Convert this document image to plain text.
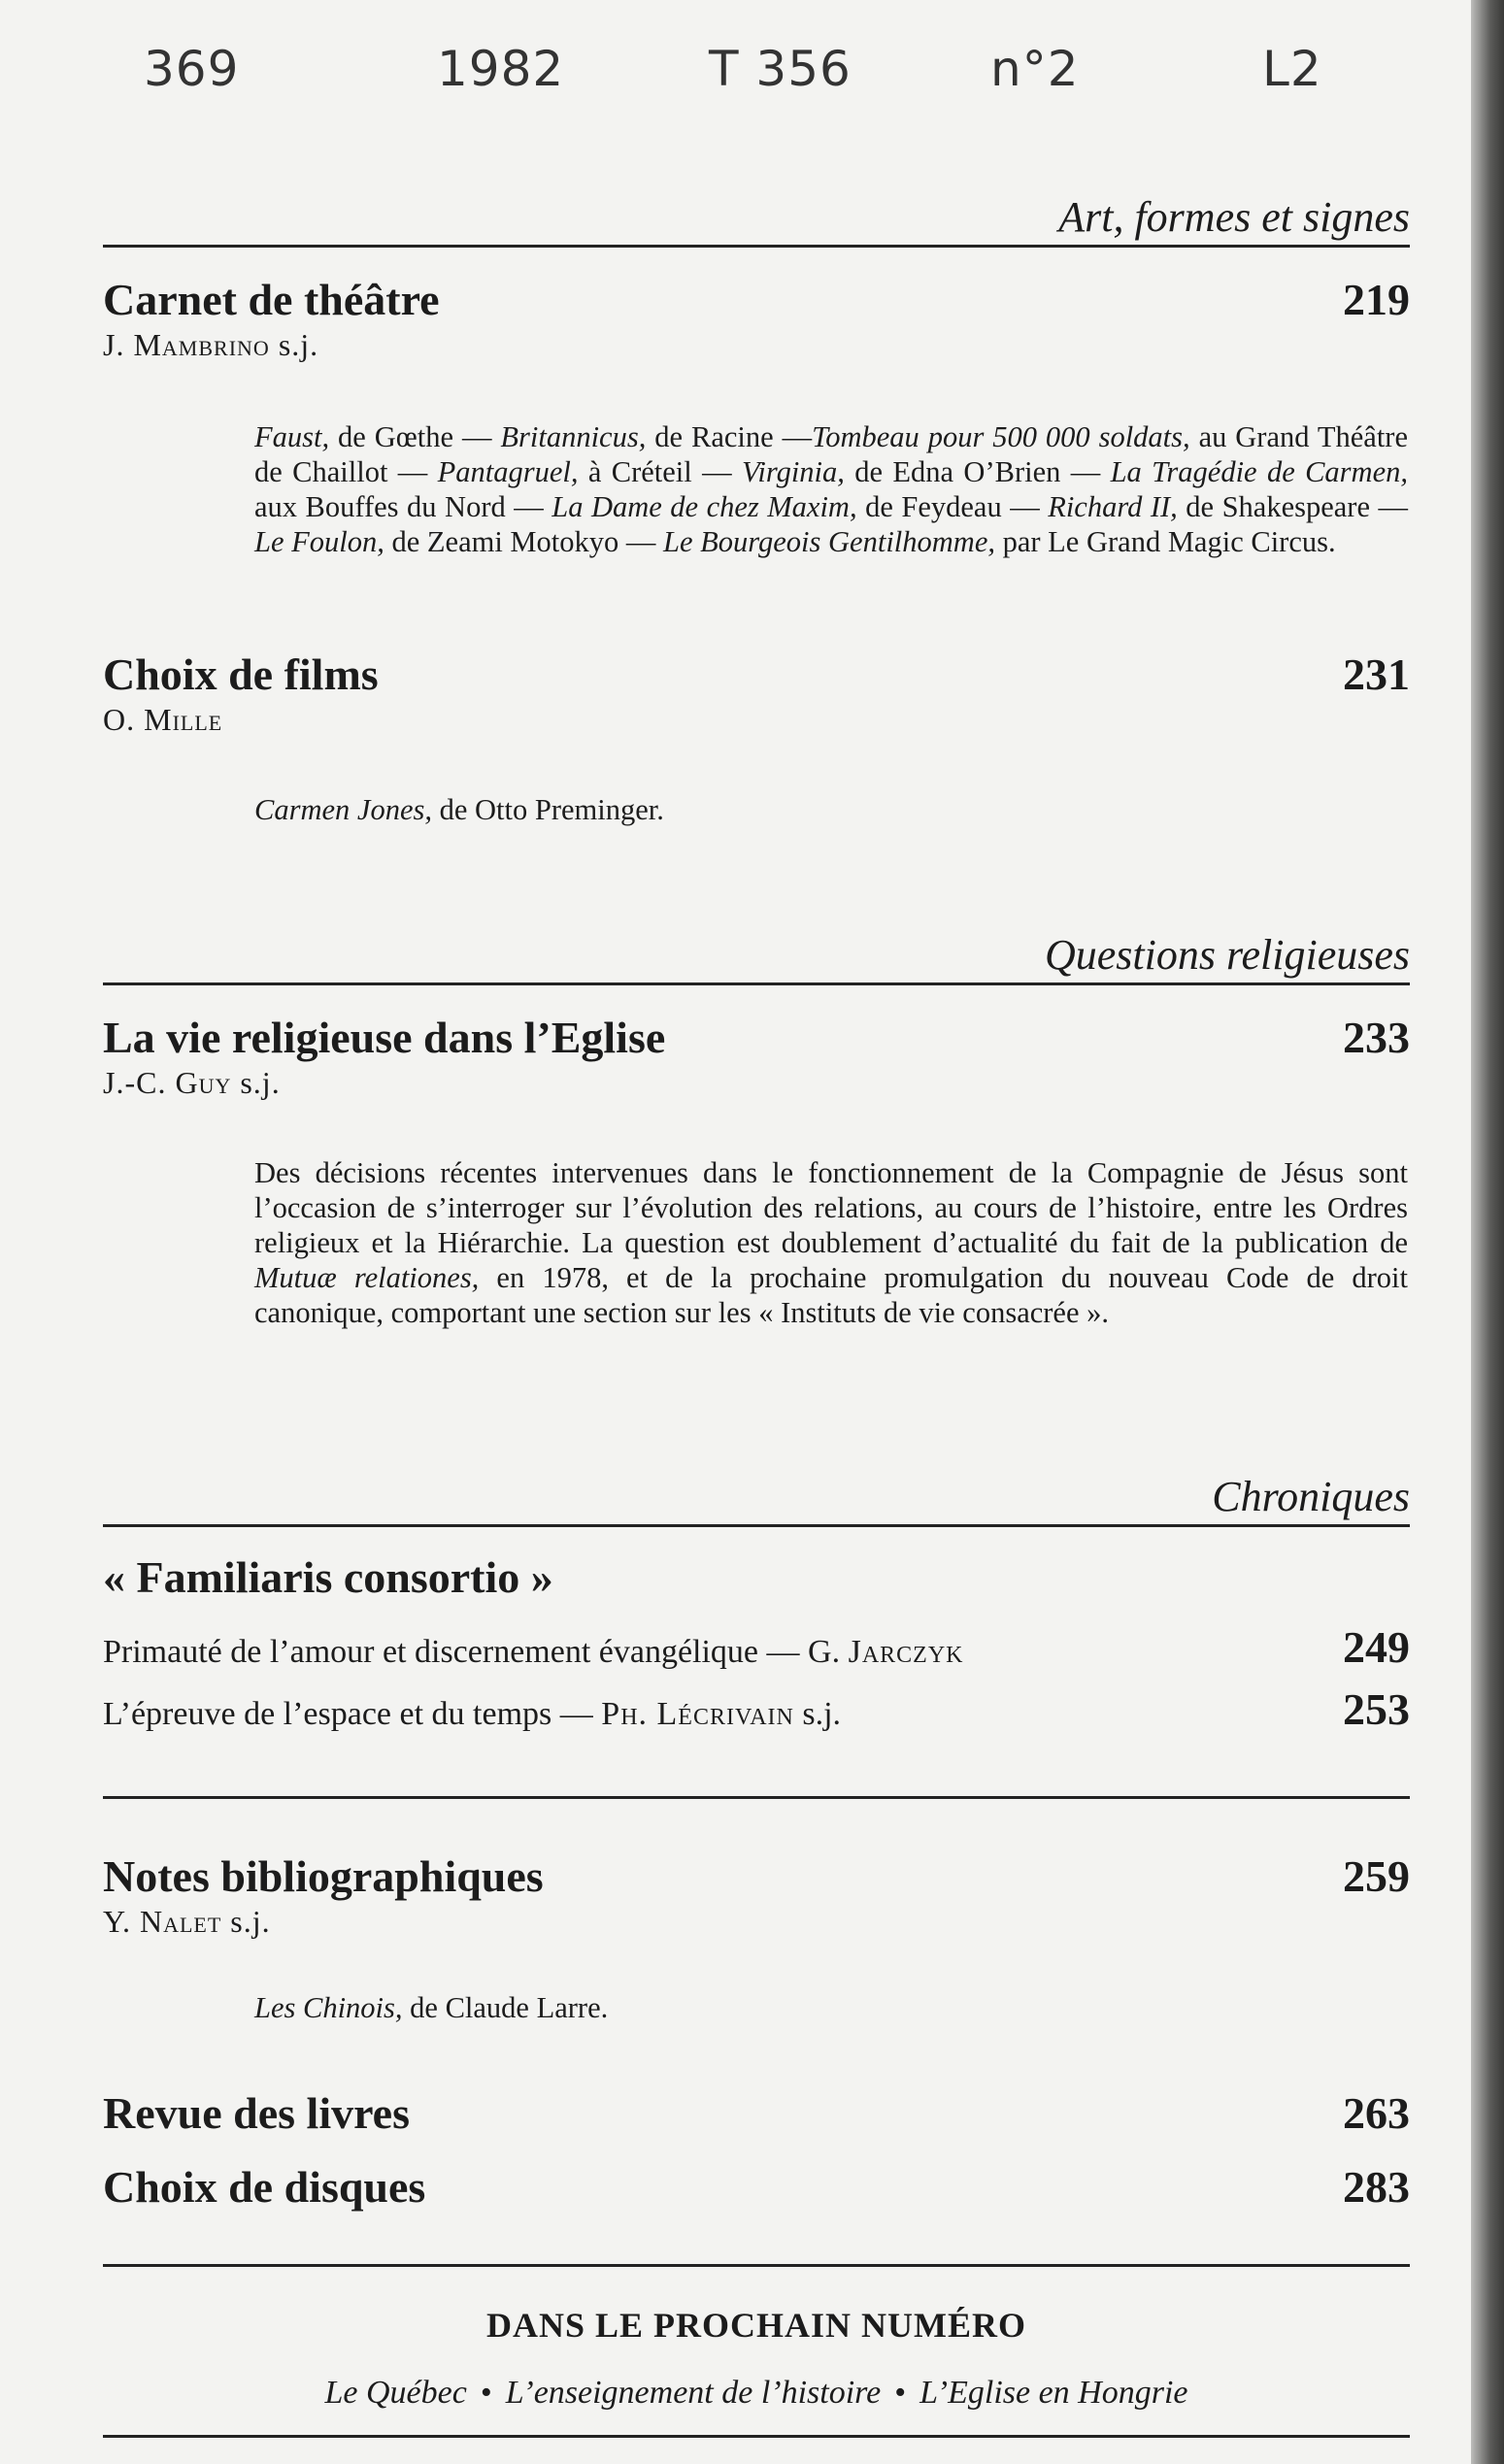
369	1982	T 356	n°2	L2
Art, formes et signes
Carnet de théâtre	219
J. Mambrino s.j.
Faust, de Gœthe — Britannicus, de Racine —Tombeau pour 500 000 soldats, au Grand Théâtre de Chaillot — Pantagruel, à Créteil — Virginia, de Edna O’Brien — La Tragédie de Carmen, aux Bouffes du Nord — La Dame de chez Maxim, de Feydeau — Richard II, de Shakespeare — Le Foulon, de Zeami Motokyo — Le Bourgeois Gentilhomme, par Le Grand Magic Circus.
Choix de films	231
O. Mille
Carmen Jones, de Otto Preminger.
Questions religieuses
La vie religieuse dans l’Eglise	233
J.-C. Guy s.j.
Des décisions récentes intervenues dans le fonctionnement de la Compagnie de Jésus sont l’occasion de s’interroger sur l’évolution des relations, au cours de l’histoire, entre les Ordres religieux et la Hiérarchie. La question est doublement d’actualité du fait de la publication de Mutuæ relationes, en 1978, et de la prochaine promulgation du nouveau Code de droit canonique, comportant une section sur les « Instituts de vie consacrée ».
Chroniques
« Familiaris consortio »
Primauté de l’amour et discernement évangélique — G. Jarczyk	249
L’épreuve de l’espace et du temps — Ph. Lécrivain s.j.	253
Notes bibliographiques	259
Y. Nalet s.j.
Les Chinois, de Claude Larre.
Revue des livres	263
Choix de disques	283
DANS LE PROCHAIN NUMÉRO
Le Québec • L’enseignement de l’histoire • L’Eglise en Hongrie
